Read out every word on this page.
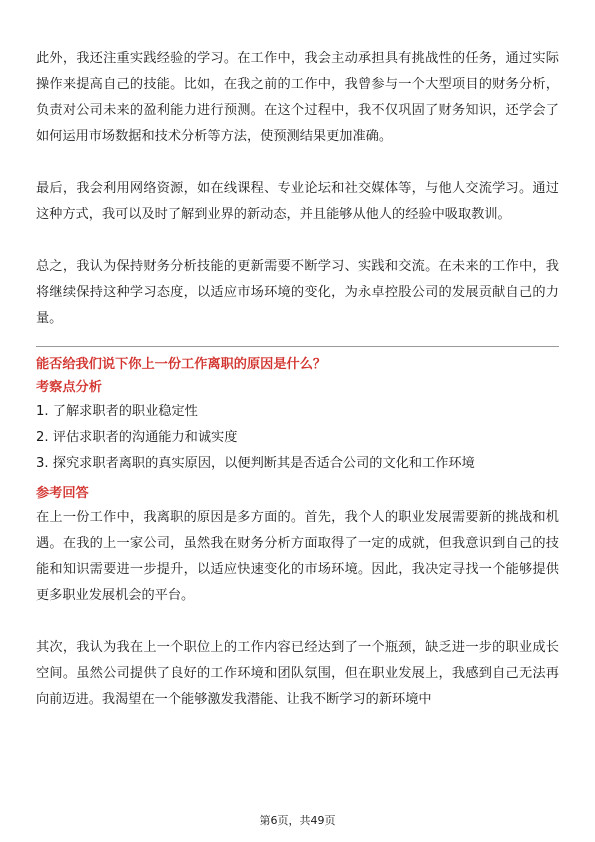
此外，我还注重实践经验的学习。在工作中，我会主动承担具有挑战性的任务，通过实际操作来提高自己的技能。比如，在我之前的工作中，我曾参与一个大型项目的财务分析，负责对公司未来的盈利能力进行预测。在这个过程中，我不仅巩固了财务知识，还学会了如何运用市场数据和技术分析等方法，使预测结果更加准确。

最后，我会利用网络资源，如在线课程、专业论坛和社交媒体等，与他人交流学习。通过这种方式，我可以及时了解到业界的新动态，并且能够从他人的经验中吸取教训。

总之，我认为保持财务分析技能的更新需要不断学习、实践和交流。在未来的工作中，我将继续保持这种学习态度，以适应市场环境的变化，为永卓控股公司的发展贡献自己的力量。

能否给我们说下你上一份工作离职的原因是什么？

考察点分析

1. 了解求职者的职业稳定性

2. 评估求职者的沟通能力和诚实度

3. 探究求职者离职的真实原因，以便判断其是否适合公司的文化和工作环境

参考回答

在上一份工作中，我离职的原因是多方面的。首先，我个人的职业发展需要新的挑战和机遇。在我的上一家公司，虽然我在财务分析方面取得了一定的成就，但我意识到自己的技能和知识需要进一步提升，以适应快速变化的市场环境。因此，我决定寻找一个能够提供更多职业发展机会的平台。

其次，我认为我在上一个职位上的工作内容已经达到了一个瓶颈，缺乏进一步的职业成长空间。虽然公司提供了良好的工作环境和团队氛围，但在职业发展上，我感到自己无法再向前迈进。我渴望在一个能够激发我潜能、让我不断学习的新环境中

第6页，共49页
